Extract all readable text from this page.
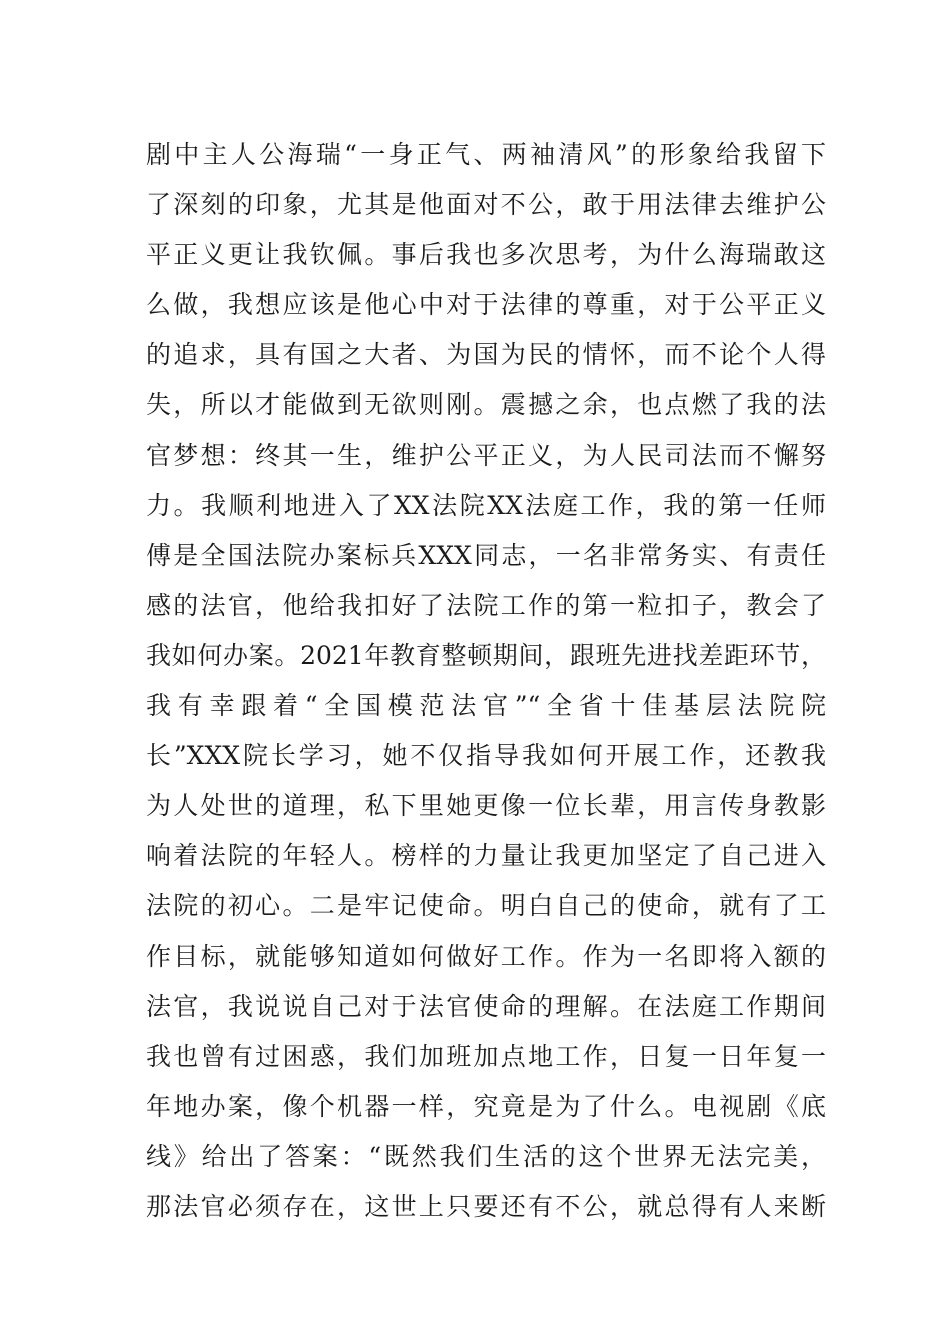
剧中主人公海瑞“一身正气、两袖清风”的形象给我留下
了深刻的印象，尤其是他面对不公，敢于用法律去维护公
平正义更让我钦佩。事后我也多次思考，为什么海瑞敢这
么做，我想应该是他心中对于法律的尊重，对于公平正义
的追求，具有国之大者、为国为民的情怀，而不论个人得
失，所以才能做到无欲则刚。震撼之余，也点燃了我的法
官梦想：终其一生，维护公平正义，为人民司法而不懈努
力。我顺利地进入了XX法院XX法庭工作，我的第一任师
傅是全国法院办案标兵XXX同志，一名非常务实、有责任
感的法官，他给我扣好了法院工作的第一粒扣子，教会了
我如何办案。2021年教育整顿期间，跟班先进找差距环节，
我有幸跟着“全国模范法官”“全省十佳基层法院院
长”XXX院长学习，她不仅指导我如何开展工作，还教我
为人处世的道理，私下里她更像一位长辈，用言传身教影
响着法院的年轻人。榜样的力量让我更加坚定了自己进入
法院的初心。二是牢记使命。明白自己的使命，就有了工
作目标，就能够知道如何做好工作。作为一名即将入额的
法官，我说说自己对于法官使命的理解。在法庭工作期间
我也曾有过困惑，我们加班加点地工作，日复一日年复一
年地办案，像个机器一样，究竟是为了什么。电视剧《底
线》给出了答案：“既然我们生活的这个世界无法完美，
那法官必须存在，这世上只要还有不公，就总得有人来断
